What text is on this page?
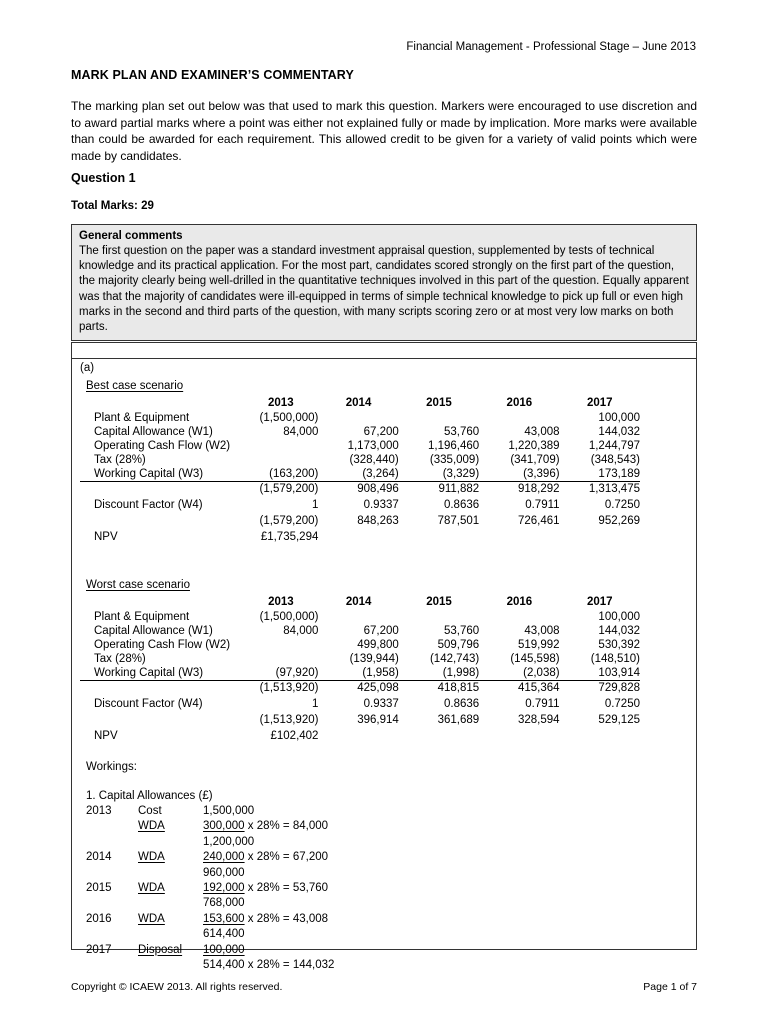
Financial Management - Professional Stage – June 2013
MARK PLAN AND EXAMINER’S COMMENTARY
The marking plan set out below was that used to mark this question. Markers were encouraged to use discretion and to award partial marks where a point was either not explained fully or made by implication. More marks were available than could be awarded for each requirement. This allowed credit to be given for a variety of valid points which were made by candidates.
Question 1
Total Marks: 29
General comments
The first question on the paper was a standard investment appraisal question, supplemented by tests of technical knowledge and its practical application. For the most part, candidates scored strongly on the first part of the question, the majority clearly being well-drilled in the quantitative techniques involved in this part of the question. Equally apparent was that the majority of candidates were ill-equipped in terms of simple technical knowledge to pick up full or even high marks in the second and third parts of the question, with many scripts scoring zero or at most very low marks on both parts.
(a)
Best case scenario
	2013	2014	2015	2016	2017
Plant & Equipment	(1,500,000)				100,000
Capital Allowance (W1)	84,000	67,200	53,760	43,008	144,032
Operating Cash Flow (W2)		1,173,000	1,196,460	1,220,389	1,244,797
Tax (28%)		(328,440)	(335,009)	(341,709)	(348,543)
Working Capital (W3)	(163,200)	(3,264)	(3,329)	(3,396)	173,189
	(1,579,200)	908,496	911,882	918,292	1,313,475
Discount Factor (W4)	1	0.9337	0.8636	0.7911	0.7250
	(1,579,200)	848,263	787,501	726,461	952,269
NPV	£1,735,294				
Worst case scenario
	2013	2014	2015	2016	2017
Plant & Equipment	(1,500,000)				100,000
Capital Allowance (W1)	84,000	67,200	53,760	43,008	144,032
Operating Cash Flow (W2)		499,800	509,796	519,992	530,392
Tax (28%)		(139,944)	(142,743)	(145,598)	(148,510)
Working Capital (W3)	(97,920)	(1,958)	(1,998)	(2,038)	103,914
	(1,513,920)	425,098	418,815	415,364	729,828
Discount Factor (W4)	1	0.9337	0.8636	0.7911	0.7250
	(1,513,920)	396,914	361,689	328,594	529,125
NPV	£102,402				
Workings:
1. Capital Allowances (£)
2013	Cost	1,500,000
	WDA	300,000 x 28% = 84,000
		1,200,000
2014	WDA	240,000 x 28% = 67,200
		960,000
2015	WDA	192,000 x 28% = 53,760
		768,000
2016	WDA	153,600 x 28% = 43,008
		614,400
2017	Disposal	100,000
		514,400 x 28% = 144,032
Copyright © ICAEW 2013. All rights reserved.	Page 1 of 7
